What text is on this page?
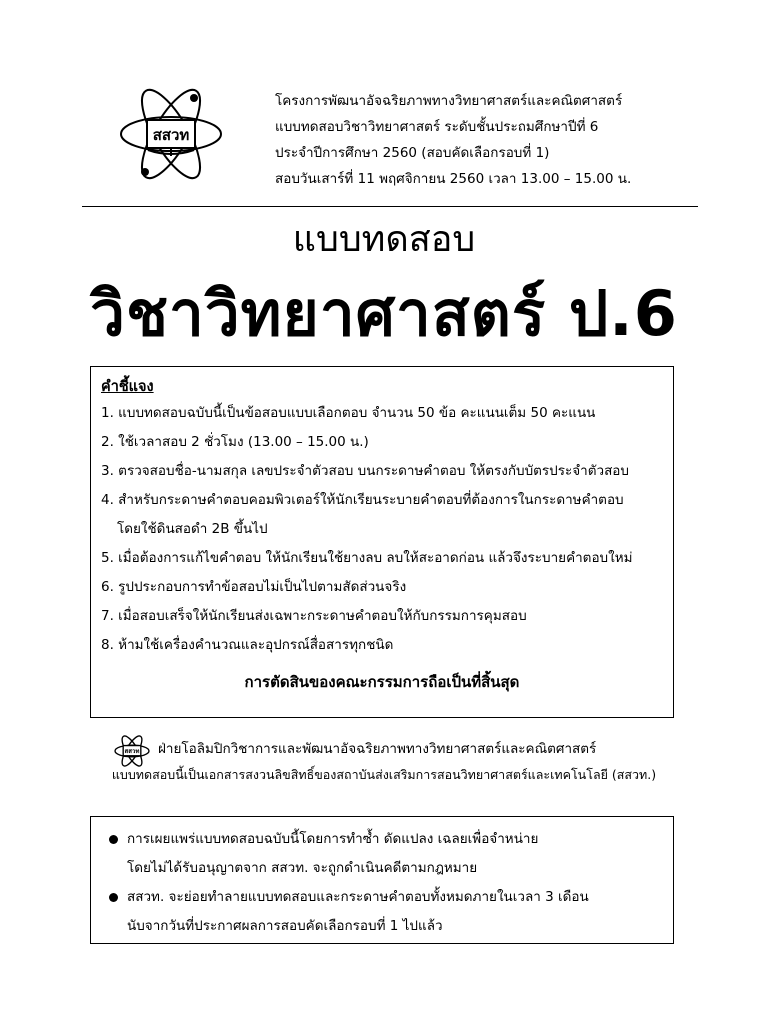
สสวท
โครงการพัฒนาอัจฉริยภาพทางวิทยาศาสตร์และคณิตศาสตร์
แบบทดสอบวิชาวิทยาศาสตร์ ระดับชั้นประถมศึกษาปีที่ 6
ประจำปีการศึกษา 2560 (สอบคัดเลือกรอบที่ 1)
สอบวันเสาร์ที่ 11 พฤศจิกายน 2560 เวลา 13.00 – 15.00 น.
แบบทดสอบ
วิชาวิทยาศาสตร์ ป.6
คำชี้แจง
1. แบบทดสอบฉบับนี้เป็นข้อสอบแบบเลือกตอบ จำนวน 50 ข้อ คะแนนเต็ม 50 คะแนน
2. ใช้เวลาสอบ 2 ชั่วโมง (13.00 – 15.00 น.)
3. ตรวจสอบชื่อ-นามสกุล เลขประจำตัวสอบ บนกระดาษคำตอบ ให้ตรงกับบัตรประจำตัวสอบ
4. สำหรับกระดาษคำตอบคอมพิวเตอร์ให้นักเรียนระบายคำตอบที่ต้องการในกระดาษคำตอบ
โดยใช้ดินสอดำ 2B ขึ้นไป
5. เมื่อต้องการแก้ไขคำตอบ ให้นักเรียนใช้ยางลบ ลบให้สะอาดก่อน แล้วจึงระบายคำตอบใหม่
6. รูปประกอบการทำข้อสอบไม่เป็นไปตามสัดส่วนจริง
7. เมื่อสอบเสร็จให้นักเรียนส่งเฉพาะกระดาษคำตอบให้กับกรรมการคุมสอบ
8. ห้ามใช้เครื่องคำนวณและอุปกรณ์สื่อสารทุกชนิด
การตัดสินของคณะกรรมการถือเป็นที่สิ้นสุด
สสวท ฝ่ายโอลิมปิกวิชาการและพัฒนาอัจฉริยภาพทางวิทยาศาสตร์และคณิตศาสตร์
แบบทดสอบนี้เป็นเอกสารสงวนลิขสิทธิ์ของสถาบันส่งเสริมการสอนวิทยาศาสตร์และเทคโนโลยี (สสวท.)
การเผยแพร่แบบทดสอบฉบับนี้โดยการทำซ้ำ ดัดแปลง เฉลยเพื่อจำหน่าย
โดยไม่ได้รับอนุญาตจาก สสวท. จะถูกดำเนินคดีตามกฎหมาย
สสวท. จะย่อยทำลายแบบทดสอบและกระดาษคำตอบทั้งหมดภายในเวลา 3 เดือน
นับจากวันที่ประกาศผลการสอบคัดเลือกรอบที่ 1 ไปแล้ว
